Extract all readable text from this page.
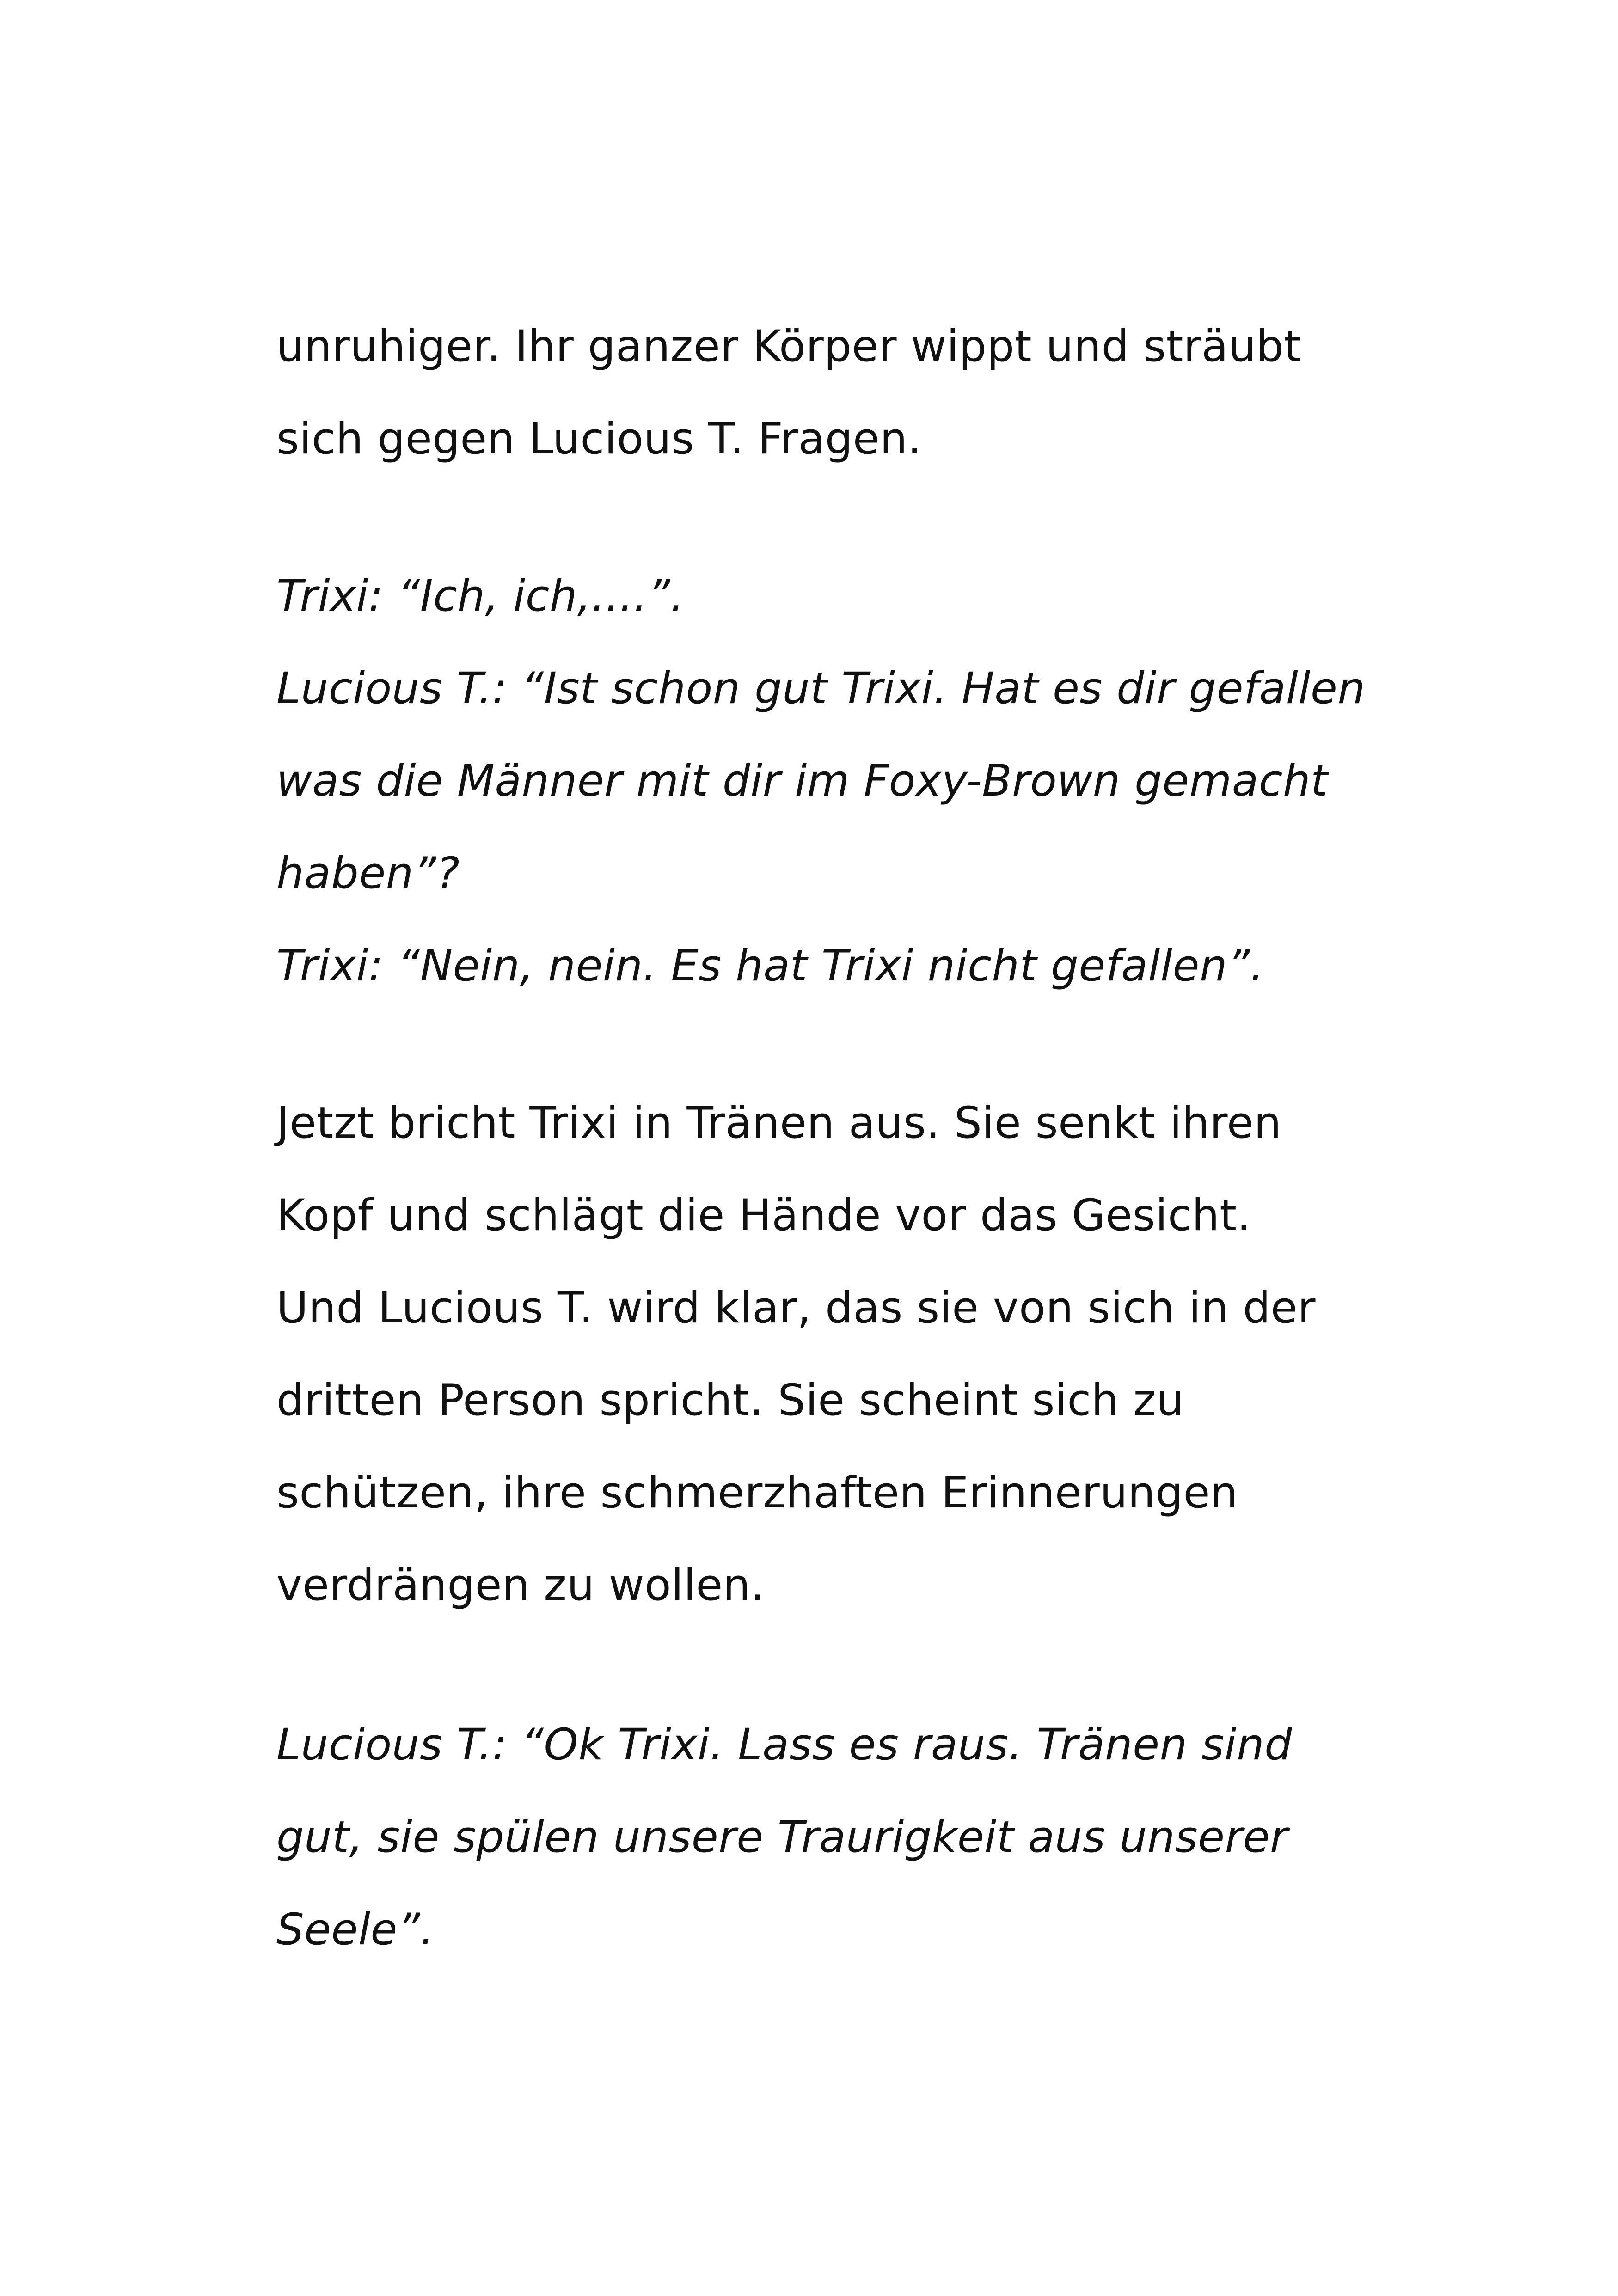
unruhiger. Ihr ganzer Körper wippt und sträubt

sich gegen Lucious T. Fragen.

Trixi: “Ich, ich,....”.

Lucious T.: “Ist schon gut Trixi. Hat es dir gefallen

was die Männer mit dir im Foxy-Brown gemacht

haben”?

Trixi: “Nein, nein. Es hat Trixi nicht gefallen”.

Jetzt bricht Trixi in Tränen aus. Sie senkt ihren

Kopf und schlägt die Hände vor das Gesicht.

Und Lucious T. wird klar, das sie von sich in der

dritten Person spricht. Sie scheint sich zu

schützen, ihre schmerzhaften Erinnerungen

verdrängen zu wollen.

Lucious T.: “Ok Trixi. Lass es raus. Tränen sind

gut, sie spülen unsere Traurigkeit aus unserer

Seele”.
